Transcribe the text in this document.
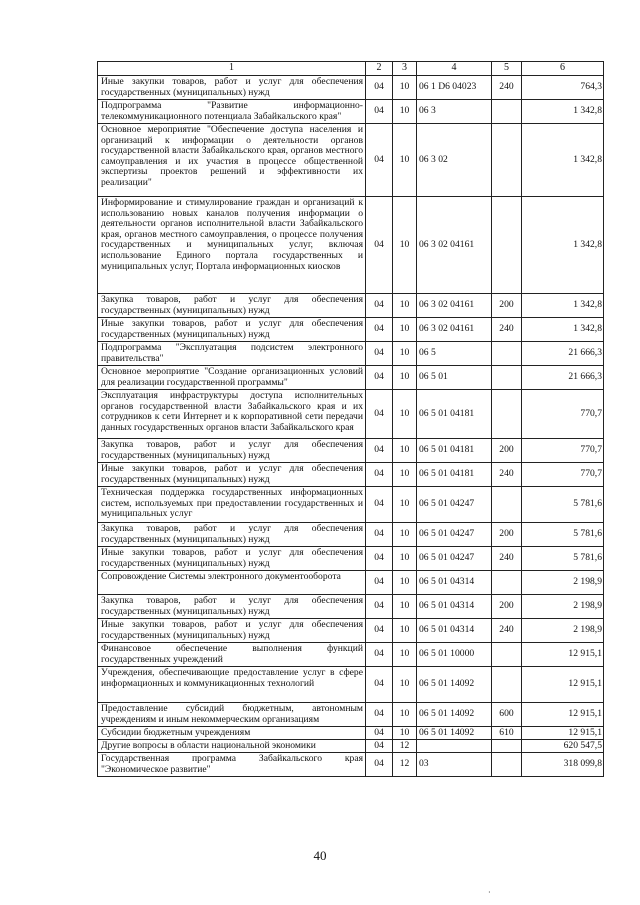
1	2	3	4	5	6
Иные закупки товаров, работ и услуг для обеспечения государственных (муниципальных) нужд	04	10	06 1 D6 04023	240	764,3
Подпрограмма "Развитие информационно-телекоммуникационного потенциала Забайкальского края"	04	10	06 3		1 342,8
Основное мероприятие "Обеспечение доступа населения и организаций к информации о деятельности органов государственной власти Забайкальского края, органов местного самоуправления и их участия в процессе общественной экспертизы проектов решений и эффективности их реализации"	04	10	06 3 02		1 342,8
Информирование и стимулирование граждан и организаций к использованию новых каналов получения информации о деятельности органов исполнительной власти Забайкальского края, органов местного самоуправления, о процессе получения государственных и муниципальных услуг, включая использование Единого портала государственных и муниципальных услуг, Портала информационных киосков	04	10	06 3 02 04161		1 342,8
Закупка товаров, работ и услуг для обеспечения государственных (муниципальных) нужд	04	10	06 3 02 04161	200	1 342,8
Иные закупки товаров, работ и услуг для обеспечения государственных (муниципальных) нужд	04	10	06 3 02 04161	240	1 342,8
Подпрограмма "Эксплуатация подсистем электронного правительства"	04	10	06 5		21 666,3
Основное мероприятие "Создание организационных условий для реализации государственной программы"	04	10	06 5 01		21 666,3
Эксплуатация инфраструктуры доступа исполнительных органов государственной власти Забайкальского края и их сотрудников к сети Интернет и к корпоративной сети передачи данных государственных органов власти Забайкальского края	04	10	06 5 01 04181		770,7
Закупка товаров, работ и услуг для обеспечения государственных (муниципальных) нужд	04	10	06 5 01 04181	200	770,7
Иные закупки товаров, работ и услуг для обеспечения государственных (муниципальных) нужд	04	10	06 5 01 04181	240	770,7
Техническая поддержка государственных информационных систем, используемых при предоставлении государственных и муниципальных услуг	04	10	06 5 01 04247		5 781,6
Закупка товаров, работ и услуг для обеспечения государственных (муниципальных) нужд	04	10	06 5 01 04247	200	5 781,6
Иные закупки товаров, работ и услуг для обеспечения государственных (муниципальных) нужд	04	10	06 5 01 04247	240	5 781,6
Сопровождение Системы электронного документооборота	04	10	06 5 01 04314		2 198,9
Закупка товаров, работ и услуг для обеспечения государственных (муниципальных) нужд	04	10	06 5 01 04314	200	2 198,9
Иные закупки товаров, работ и услуг для обеспечения государственных (муниципальных) нужд	04	10	06 5 01 04314	240	2 198,9
Финансовое обеспечение выполнения функций государственных учреждений	04	10	06 5 01 10000		12 915,1
Учреждения, обеспечивающие предоставление услуг в сфере информационных и коммуникационных технологий	04	10	06 5 01 14092		12 915,1
Предоставление субсидий бюджетным, автономным учреждениям и иным некоммерческим организациям	04	10	06 5 01 14092	600	12 915,1
Субсидии бюджетным учреждениям	04	10	06 5 01 14092	610	12 915,1
Другие вопросы в области национальной экономики	04	12			620 547,5
Государственная программа Забайкальского края "Экономическое развитие"	04	12	03		318 099,8
40
·
